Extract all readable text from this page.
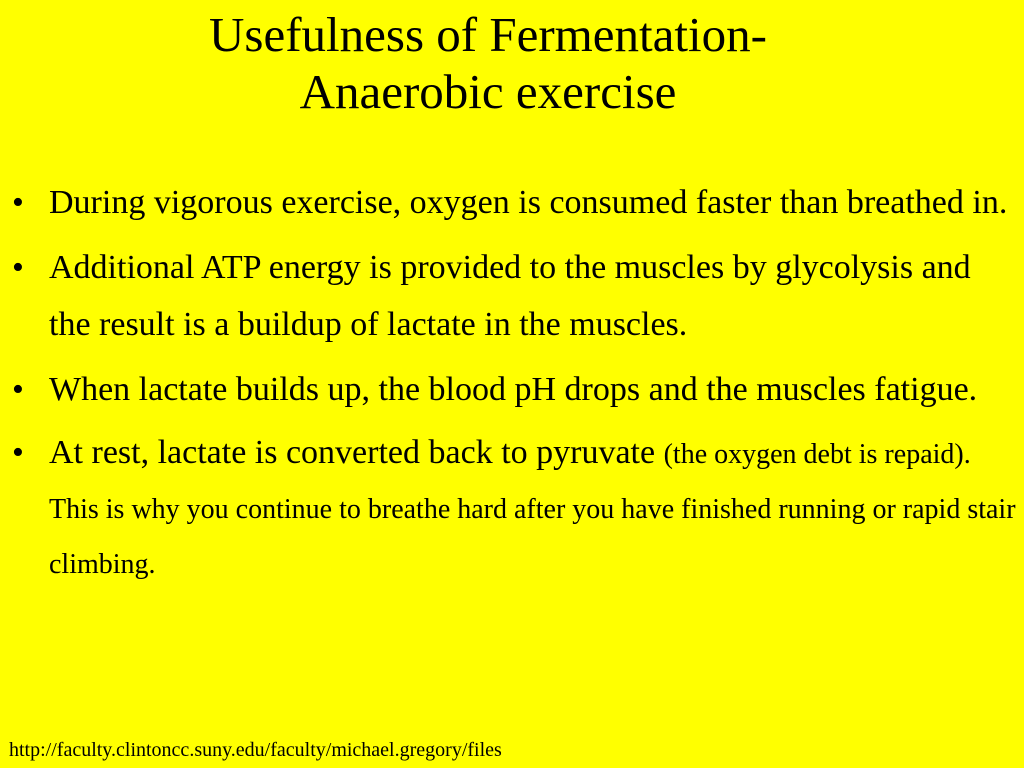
Usefulness of Fermentation-
Anaerobic exercise
• During vigorous exercise, oxygen is consumed faster than breathed in.
• Additional ATP energy is provided to the muscles by glycolysis and the result is a buildup of lactate in the muscles.
• When lactate builds up, the blood pH drops and the muscles fatigue.
• At rest, lactate is converted back to pyruvate (the oxygen debt is repaid). This is why you continue to breathe hard after you have finished running or rapid stair climbing.
http://faculty.clintoncc.suny.edu/faculty/michael.gregory/files
